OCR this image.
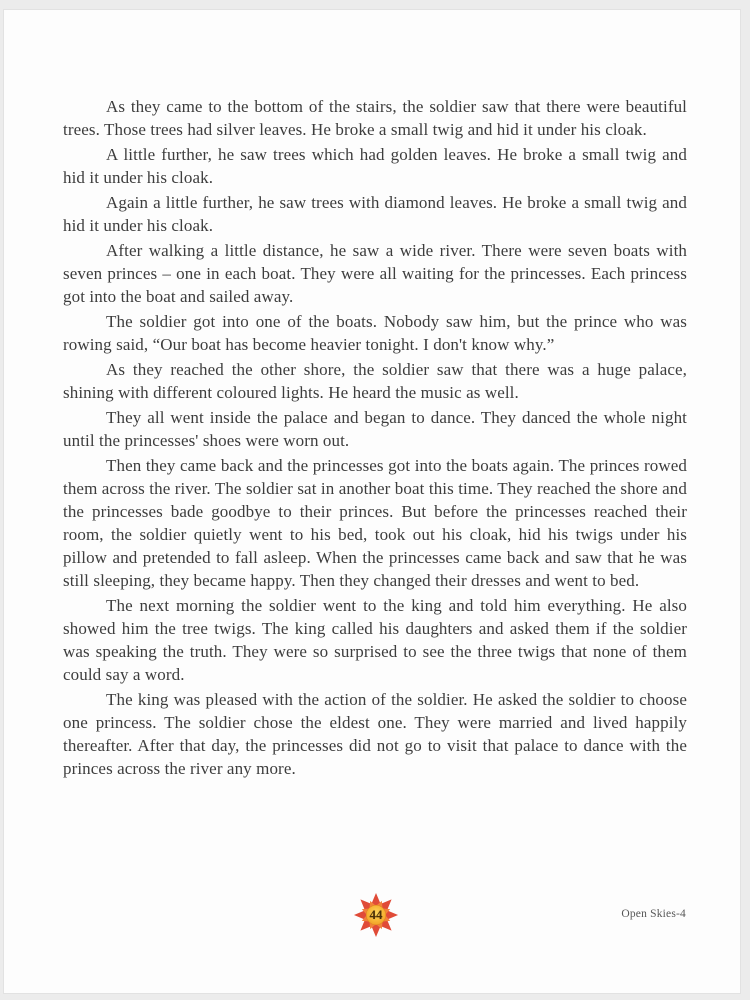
As they came to the bottom of the stairs, the soldier saw that there were beautiful trees. Those trees had silver leaves. He broke a small twig and hid it under his cloak.

A little further, he saw trees which had golden leaves. He broke a small twig and hid it under his cloak.

Again a little further, he saw trees with diamond leaves. He broke a small twig and hid it under his cloak.

After walking a little distance, he saw a wide river. There were seven boats with seven princes – one in each boat. They were all waiting for the princesses. Each princess got into the boat and sailed away.

The soldier got into one of the boats. Nobody saw him, but the prince who was rowing said, “Our boat has become heavier tonight. I don't know why.”

As they reached the other shore, the soldier saw that there was a huge palace, shining with different coloured lights. He heard the music as well.

They all went inside the palace and began to dance. They danced the whole night until the princesses' shoes were worn out.

Then they came back and the princesses got into the boats again. The princes rowed them across the river. The soldier sat in another boat this time. They reached the shore and the princesses bade goodbye to their princes. But before the princesses reached their room, the soldier quietly went to his bed, took out his cloak, hid his twigs under his pillow and pretended to fall asleep. When the princesses came back and saw that he was still sleeping, they became happy. Then they changed their dresses and went to bed.

The next morning the soldier went to the king and told him everything. He also showed him the tree twigs. The king called his daughters and asked them if the soldier was speaking the truth. They were so surprised to see the three twigs that none of them could say a word.

The king was pleased with the action of the soldier. He asked the soldier to choose one princess. The soldier chose the eldest one. They were married and lived happily thereafter. After that day, the princesses did not go to visit that palace to dance with the princes across the river any more.

44	Open Skies-4
